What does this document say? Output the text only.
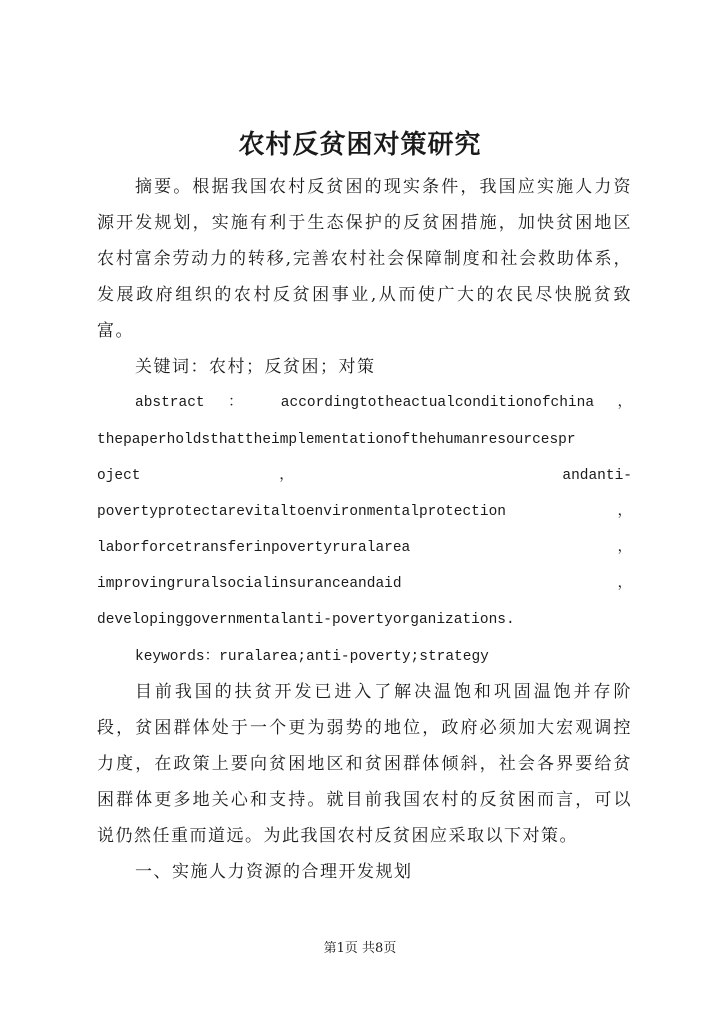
农村反贫困对策研究
摘要。根据我国农村反贫困的现实条件，我国应实施人力资
源开发规划，实施有利于生态保护的反贫困措施，加快贫困地区
农村富余劳动力的转移,完善农村社会保障制度和社会救助体系，
发展政府组织的农村反贫困事业,从而使广大的农民尽快脱贫致
富。
关键词：农村；反贫困；对策
abstract ： accordingtotheactualconditionofchina ，
thepaperholdsthattheimplementationofthehumanresourcespr
oject ， andanti-
povertyprotectarevitaltoenvironmentalprotection ，
laborforcetransferinpovertyruralarea ，
improvingruralsocialinsuranceandaid ，
developinggovernmentalanti-povertyorganizations.
keywords：ruralarea;anti-poverty;strategy
目前我国的扶贫开发已进入了解决温饱和巩固温饱并存阶
段，贫困群体处于一个更为弱势的地位，政府必须加大宏观调控
力度，在政策上要向贫困地区和贫困群体倾斜，社会各界要给贫
困群体更多地关心和支持。就目前我国农村的反贫困而言，可以
说仍然任重而道远。为此我国农村反贫困应采取以下对策。
一、实施人力资源的合理开发规划
第1页 共8页
